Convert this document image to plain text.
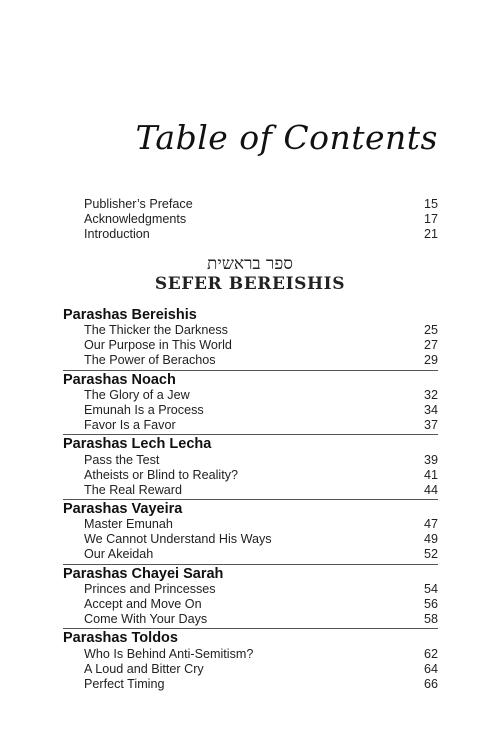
Table of Contents
Publisher’s Preface	15
Acknowledgments	17
Introduction	21
ספר בראשית
SEFER BEREISHIS
Parashas Bereishis
The Thicker the Darkness	25
Our Purpose in This World	27
The Power of Berachos	29
Parashas Noach
The Glory of a Jew	32
Emunah Is a Process	34
Favor Is a Favor	37
Parashas Lech Lecha
Pass the Test	39
Atheists or Blind to Reality?	41
The Real Reward	44
Parashas Vayeira
Master Emunah	47
We Cannot Understand His Ways	49
Our Akeidah	52
Parashas Chayei Sarah
Princes and Princesses	54
Accept and Move On	56
Come With Your Days	58
Parashas Toldos
Who Is Behind Anti-Semitism?	62
A Loud and Bitter Cry	64
Perfect Timing	66
